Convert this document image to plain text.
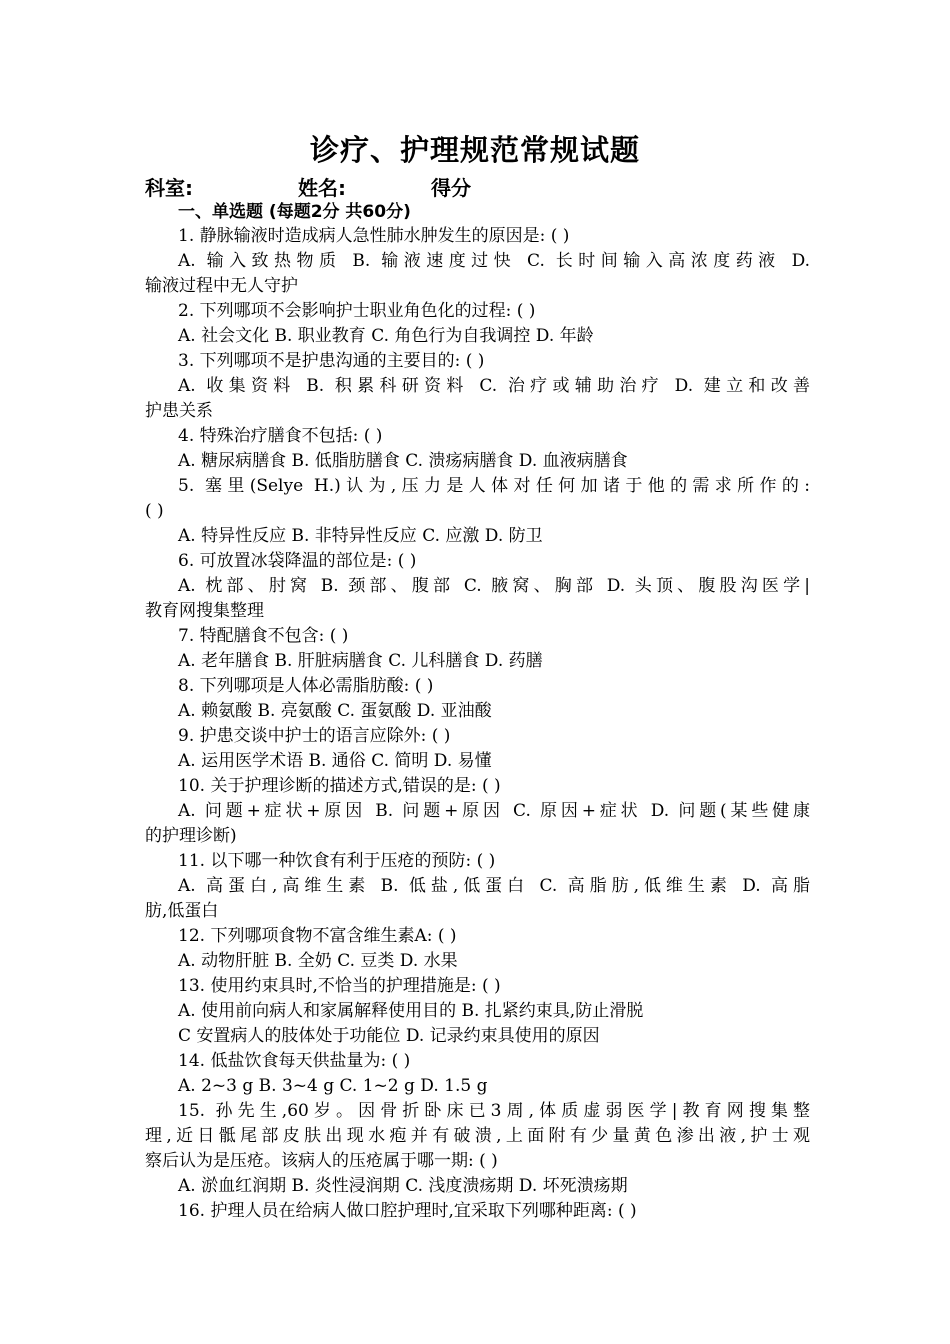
诊疗、护理规范常规试题
科室:	姓名:	得分
一、单选题 (每题2分 共60分)
1. 静脉输液时造成病人急性肺水肿发生的原因是: ( )
A. 输入致热物质 B. 输液速度过快 C. 长时间输入高浓度药液 D.
输液过程中无人守护
2. 下列哪项不会影响护士职业角色化的过程: ( )
A. 社会文化 B. 职业教育 C. 角色行为自我调控 D. 年龄
3. 下列哪项不是护患沟通的主要目的: ( )
A. 收集资料 B. 积累科研资料 C. 治疗或辅助治疗 D. 建立和改善
护患关系
4. 特殊治疗膳食不包括: ( )
A. 糖尿病膳食 B. 低脂肪膳食 C. 溃疡病膳食 D. 血液病膳食
5. 塞里(Selye H.)认为,压力是人体对任何加诸于他的需求所作的:
( )
A. 特异性反应 B. 非特异性反应 C. 应激 D. 防卫
6. 可放置冰袋降温的部位是: ( )
A. 枕部、肘窝 B. 颈部、腹部 C. 腋窝、胸部 D. 头顶、腹股沟医学|
教育网搜集整理
7. 特配膳食不包含: ( )
A. 老年膳食 B. 肝脏病膳食 C. 儿科膳食 D. 药膳
8. 下列哪项是人体必需脂肪酸: ( )
A. 赖氨酸 B. 亮氨酸 C. 蛋氨酸 D. 亚油酸
9. 护患交谈中护士的语言应除外: ( )
A. 运用医学术语 B. 通俗 C. 简明 D. 易懂
10. 关于护理诊断的描述方式,错误的是: ( )
A. 问题+症状+原因 B. 问题+原因 C. 原因+症状 D. 问题(某些健康
的护理诊断)
11. 以下哪一种饮食有利于压疮的预防: ( )
A. 高蛋白,高维生素 B. 低盐,低蛋白 C. 高脂肪,低维生素 D. 高脂
肪,低蛋白
12. 下列哪项食物不富含维生素A: ( )
A. 动物肝脏 B. 全奶 C. 豆类 D. 水果
13. 使用约束具时,不恰当的护理措施是: ( )
A. 使用前向病人和家属解释使用目的 B. 扎紧约束具,防止滑脱
C 安置病人的肢体处于功能位 D. 记录约束具使用的原因
14. 低盐饮食每天供盐量为: ( )
A. 2~3 g B. 3~4 g C. 1~2 g D. 1.5 g
15. 孙先生,60岁。因骨折卧床已3周,体质虚弱医学|教育网搜集整
理,近日骶尾部皮肤出现水疱并有破溃,上面附有少量黄色渗出液,护士观
察后认为是压疮。该病人的压疮属于哪一期: ( )
A. 淤血红润期 B. 炎性浸润期 C. 浅度溃疡期 D. 坏死溃疡期
16. 护理人员在给病人做口腔护理时,宜采取下列哪种距离: ( )
